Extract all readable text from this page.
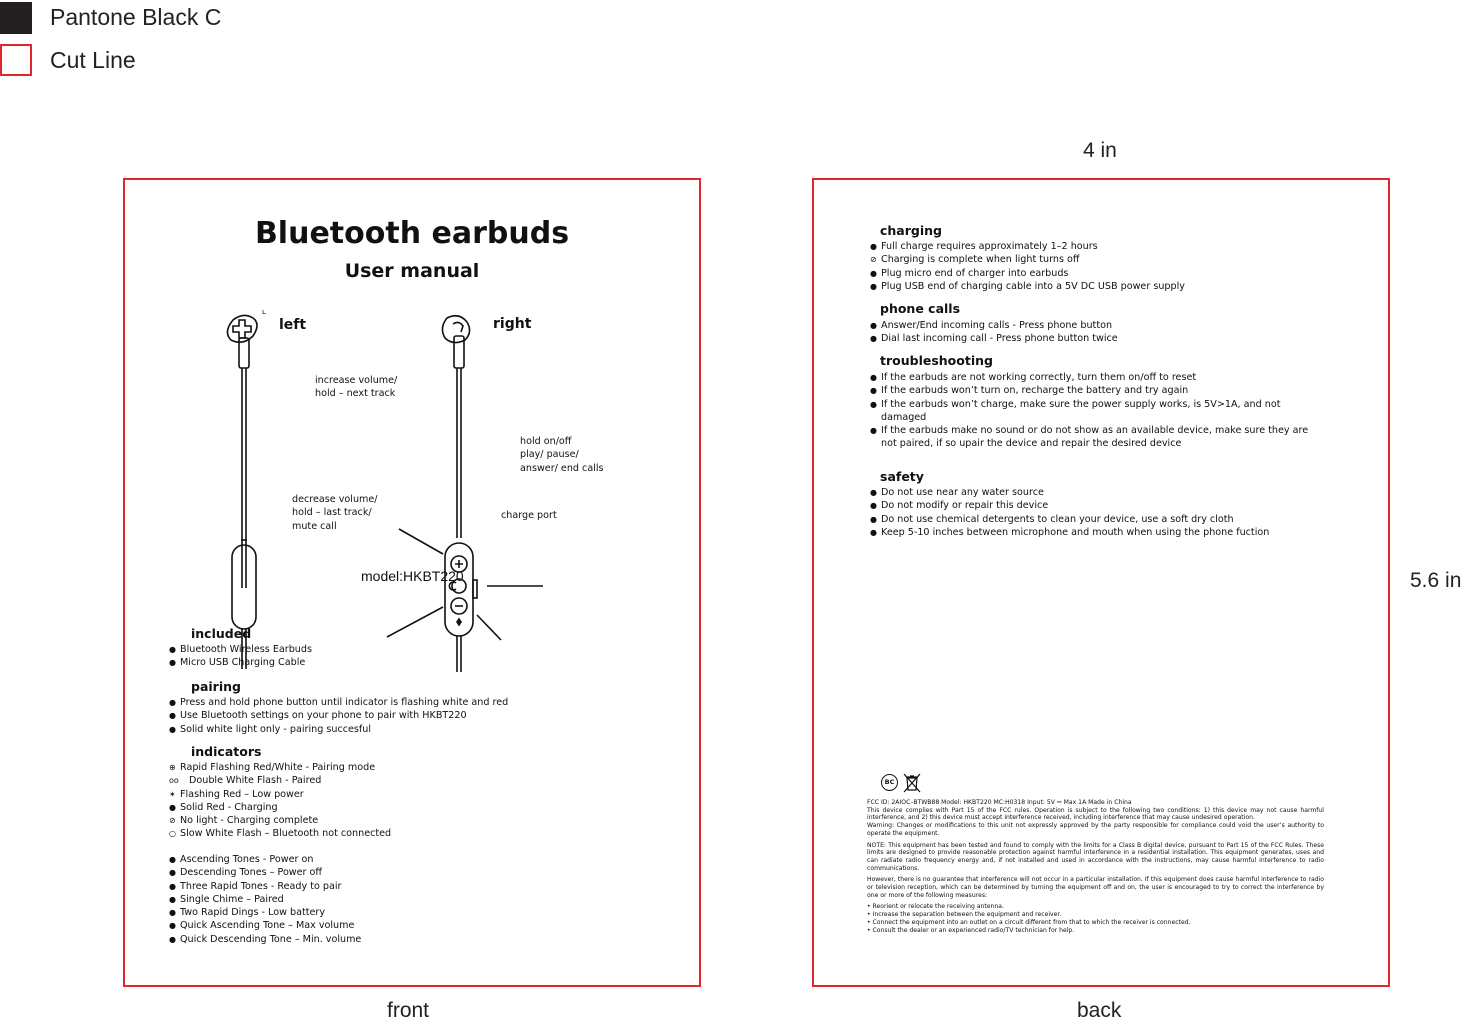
Pantone Black C
Cut Line
4 in
5.6 in
front	back
Bluetooth earbuds
User manual
L
left	right
increase volume/
hold – next track
decrease volume/
hold – last track/
mute call
hold on/off
play/ pause/
answer/ end calls
charge port
model:HKBT220
included
● Bluetooth Wireless Earbuds
● Micro USB Charging Cable
pairing
● Press and hold phone button until indicator is flashing white and red
● Use Bluetooth settings on your phone to pair with HKBT220
● Solid white light only - pairing succesful
indicators
⊕ Rapid Flashing Red/White - Pairing mode
oo Double White Flash - Paired
✶ Flashing Red – Low power
● Solid Red - Charging
⊘ No light - Charging complete
○ Slow White Flash – Bluetooth not connected
● Ascending Tones - Power on
● Descending Tones – Power off
● Three Rapid Tones - Ready to pair
● Single Chime – Paired
● Two Rapid Dings - Low battery
● Quick Ascending Tone – Max volume
● Quick Descending Tone – Min. volume
charging
● Full charge requires approximately 1–2 hours
⊘ Charging is complete when light turns off
● Plug micro end of charger into earbuds
● Plug USB end of charging cable into a 5V DC USB power supply
phone calls
● Answer/End incoming calls - Press phone button
● Dial last incoming call - Press phone button twice
troubleshooting
● If the earbuds are not working correctly, turn them on/off to reset
● If the earbuds won’t turn on, recharge the battery and try again
● If the earbuds won’t charge, make sure the power supply works, is 5V>1A, and not damaged
● If the earbuds make no sound or do not show as an available device, make sure they are not paired, if so upair the device and repair the desired device
safety
● Do not use near any water source
● Do not modify or repair this device
● Do not use chemical detergents to clean your device, use a soft dry cloth
● Keep 5-10 inches between microphone and mouth when using the phone fuction
BC
FCC ID: 2AIOC–BTWB88 Model: HKBT220 MC:H0318 Input: 5V ⎓ Max 1A Made in China
This device complies with Part 15 of the FCC rules. Operation is subject to the following two conditions: 1) this device may not cause harmful interference, and 2) this device must accept interference received, including interference that may cause undesired operation.

Warning: Changes or modifications to this unit not expressly approved by the party responsible for compliance could void the user’s authority to operate the equipment.

NOTE: This equipment has been tested and found to comply with the limits for a Class B digital device, pursuant to Part 15 of the FCC Rules. These limits are designed to provide reasonable protection against harmful interference in a residential installation. This equipment generates, uses and can radiate radio frequency energy and, if not installed and used in accordance with the instructions, may cause harmful interference to radio communications.

However, there is no guarantee that interference will not occur in a particular installation. If this equipment does cause harmful interference to radio or television reception, which can be determined by turning the equipment off and on, the user is encouraged to try to correct the interference by one or more of the following measures:

• Reorient or relocate the receiving antenna.
• Increase the separation between the equipment and receiver.
• Connect the equipment into an outlet on a circuit different from that to which the receiver is connected.
• Consult the dealer or an experienced radio/TV technician for help.
